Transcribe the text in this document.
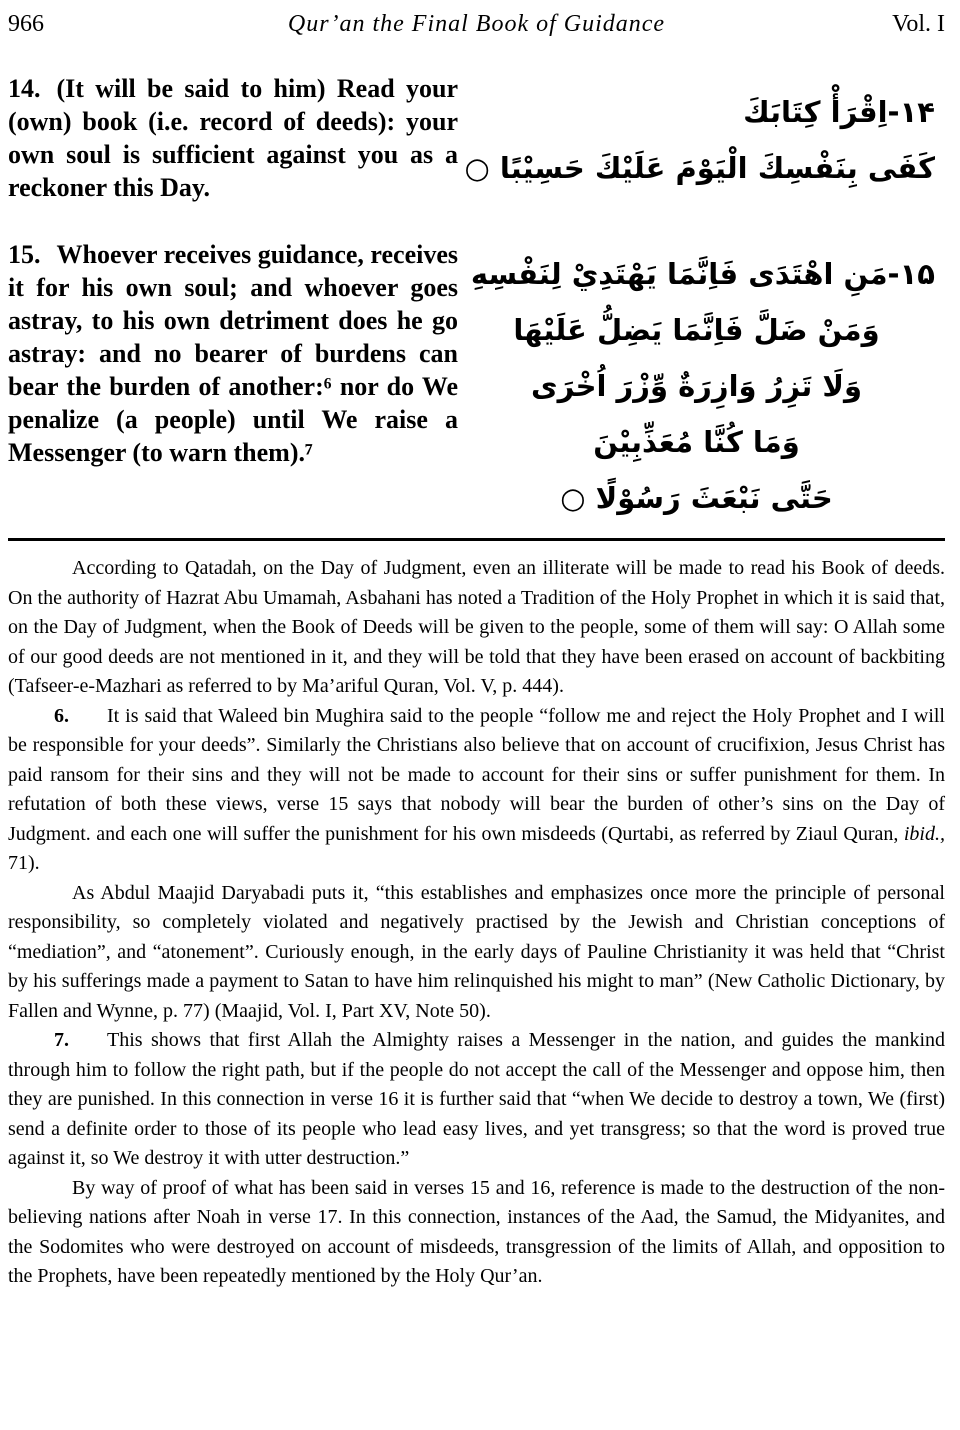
966	Qur’an the Final Book of Guidance	Vol. I

14. (It will be said to him) Read your (own) book (i.e. record of deeds): your own soul is sufficient against you as a reckoner this Day.

۱۴-اِقْرَأْ كِتَابَكَ
كَفَى بِنَفْسِكَ الْيَوْمَ عَلَيْكَ حَسِيْبًا ○

15. Whoever receives guidance, receives it for his own soul; and whoever goes astray, to his own detriment does he go astray: and no bearer of burdens can bear the burden of another:⁶ nor do We penalize (a people) until We raise a Messenger (to warn them).⁷

۱۵-مَنِ اهْتَدَى فَاِنَّمَا يَهْتَدِيْ لِنَفْسِهِ
وَمَنْ ضَلَّ فَاِنَّمَا يَضِلُّ عَلَيْهَا
وَلَا تَزِرُ وَازِرَةٌ وِّزْرَ اُخْرَى
وَمَا كُنَّا مُعَذِّبِيْنَ
حَتَّى نَبْعَثَ رَسُوْلًا ○

According to Qatadah, on the Day of Judgment, even an illiterate will be made to read his Book of deeds. On the authority of Hazrat Abu Umamah, Asbahani has noted a Tradition of the Holy Prophet in which it is said that, on the Day of Judgment, when the Book of Deeds will be given to the people, some of them will say: O Allah some of our good deeds are not mentioned in it, and they will be told that they have been erased on account of backbiting (Tafseer-e-Mazhari as referred to by Ma’ariful Quran, Vol. V, p. 444).

6. It is said that Waleed bin Mughira said to the people “follow me and reject the Holy Prophet and I will be responsible for your deeds”. Similarly the Christians also believe that on account of crucifixion, Jesus Christ has paid ransom for their sins and they will not be made to account for their sins or suffer punishment for them. In refutation of both these views, verse 15 says that nobody will bear the burden of other’s sins on the Day of Judgment. and each one will suffer the punishment for his own misdeeds (Qurtabi, as referred by Ziaul Quran, ibid., 71).

As Abdul Maajid Daryabadi puts it, “this establishes and emphasizes once more the principle of personal responsibility, so completely violated and negatively practised by the Jewish and Christian conceptions of “mediation”, and “atonement”. Curiously enough, in the early days of Pauline Christianity it was held that “Christ by his sufferings made a payment to Satan to have him relinquished his might to man” (New Catholic Dictionary, by Fallen and Wynne, p. 77) (Maajid, Vol. I, Part XV, Note 50).

7. This shows that first Allah the Almighty raises a Messenger in the nation, and guides the mankind through him to follow the right path, but if the people do not accept the call of the Messenger and oppose him, then they are punished. In this connection in verse 16 it is further said that “when We decide to destroy a town, We (first) send a definite order to those of its people who lead easy lives, and yet transgress; so that the word is proved true against it, so We destroy it with utter destruction.”

By way of proof of what has been said in verses 15 and 16, reference is made to the destruction of the non-believing nations after Noah in verse 17. In this connection, instances of the Aad, the Samud, the Midyanites, and the Sodomites who were destroyed on account of misdeeds, transgression of the limits of Allah, and opposition to the Prophets, have been repeatedly mentioned by the Holy Qur’an.
